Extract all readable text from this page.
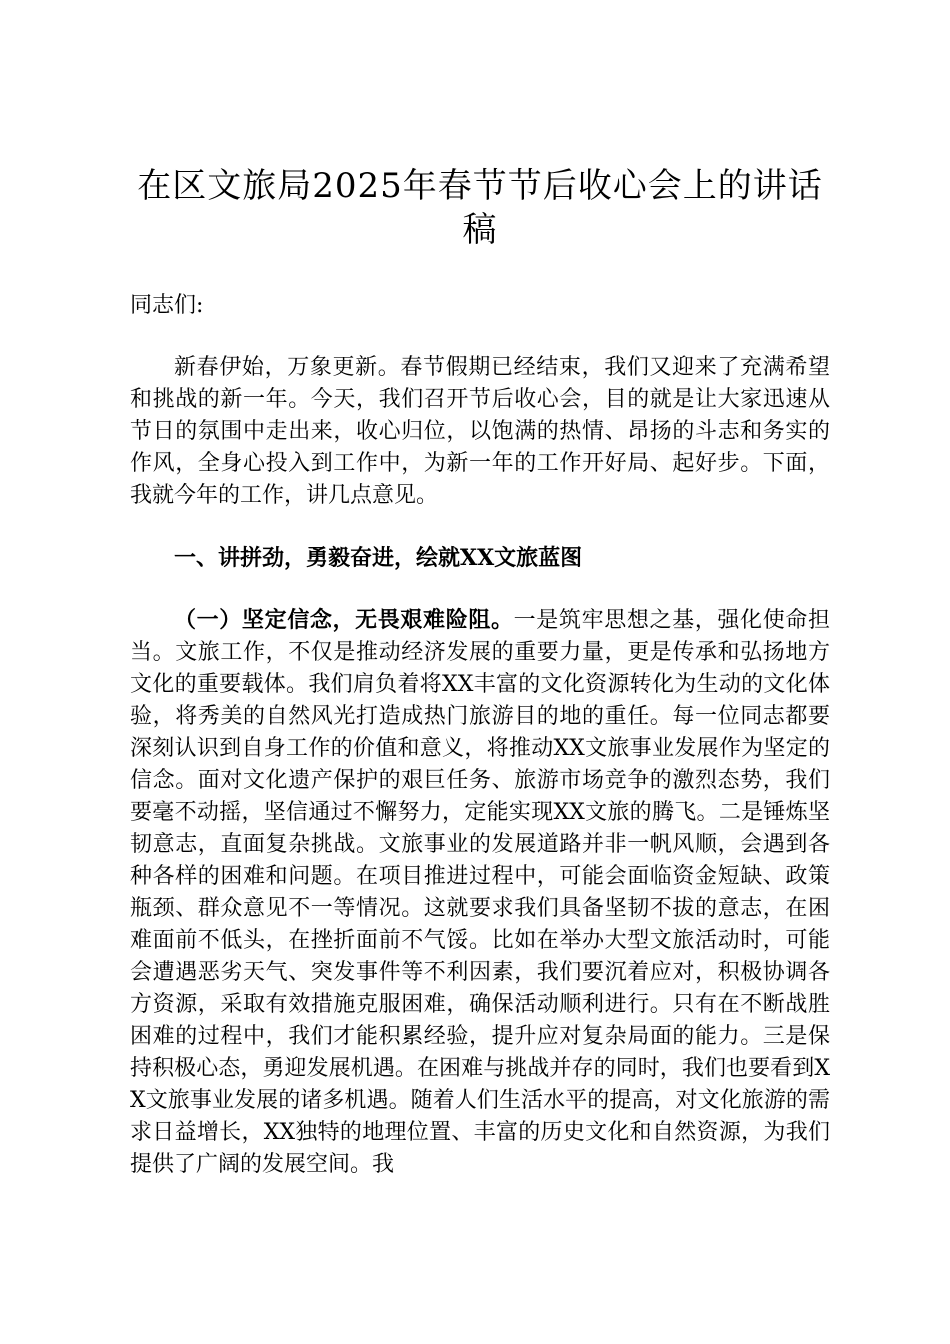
在区文旅局2025年春节节后收心会上的讲话稿

同志们:

新春伊始，万象更新。春节假期已经结束，我们又迎来了充满希望和挑战的新一年。今天，我们召开节后收心会，目的就是让大家迅速从节日的氛围中走出来，收心归位，以饱满的热情、昂扬的斗志和务实的作风，全身心投入到工作中，为新一年的工作开好局、起好步。下面，我就今年的工作，讲几点意见。

一、讲拼劲，勇毅奋进，绘就XX文旅蓝图

（一）坚定信念，无畏艰难险阻。一是筑牢思想之基，强化使命担当。文旅工作，不仅是推动经济发展的重要力量，更是传承和弘扬地方文化的重要载体。我们肩负着将XX丰富的文化资源转化为生动的文化体验，将秀美的自然风光打造成热门旅游目的地的重任。每一位同志都要深刻认识到自身工作的价值和意义，将推动XX文旅事业发展作为坚定的信念。面对文化遗产保护的艰巨任务、旅游市场竞争的激烈态势，我们要毫不动摇，坚信通过不懈努力，定能实现XX文旅的腾飞。二是锤炼坚韧意志，直面复杂挑战。文旅事业的发展道路并非一帆风顺，会遇到各种各样的困难和问题。在项目推进过程中，可能会面临资金短缺、政策瓶颈、群众意见不一等情况。这就要求我们具备坚韧不拔的意志，在困难面前不低头，在挫折面前不气馁。比如在举办大型文旅活动时，可能会遭遇恶劣天气、突发事件等不利因素，我们要沉着应对，积极协调各方资源，采取有效措施克服困难，确保活动顺利进行。只有在不断战胜困难的过程中，我们才能积累经验，提升应对复杂局面的能力。三是保持积极心态，勇迎发展机遇。在困难与挑战并存的同时，我们也要看到XX文旅事业发展的诸多机遇。随着人们生活水平的提高，对文化旅游的需求日益增长，XX独特的地理位置、丰富的历史文化和自然资源，为我们提供了广阔的发展空间。我
